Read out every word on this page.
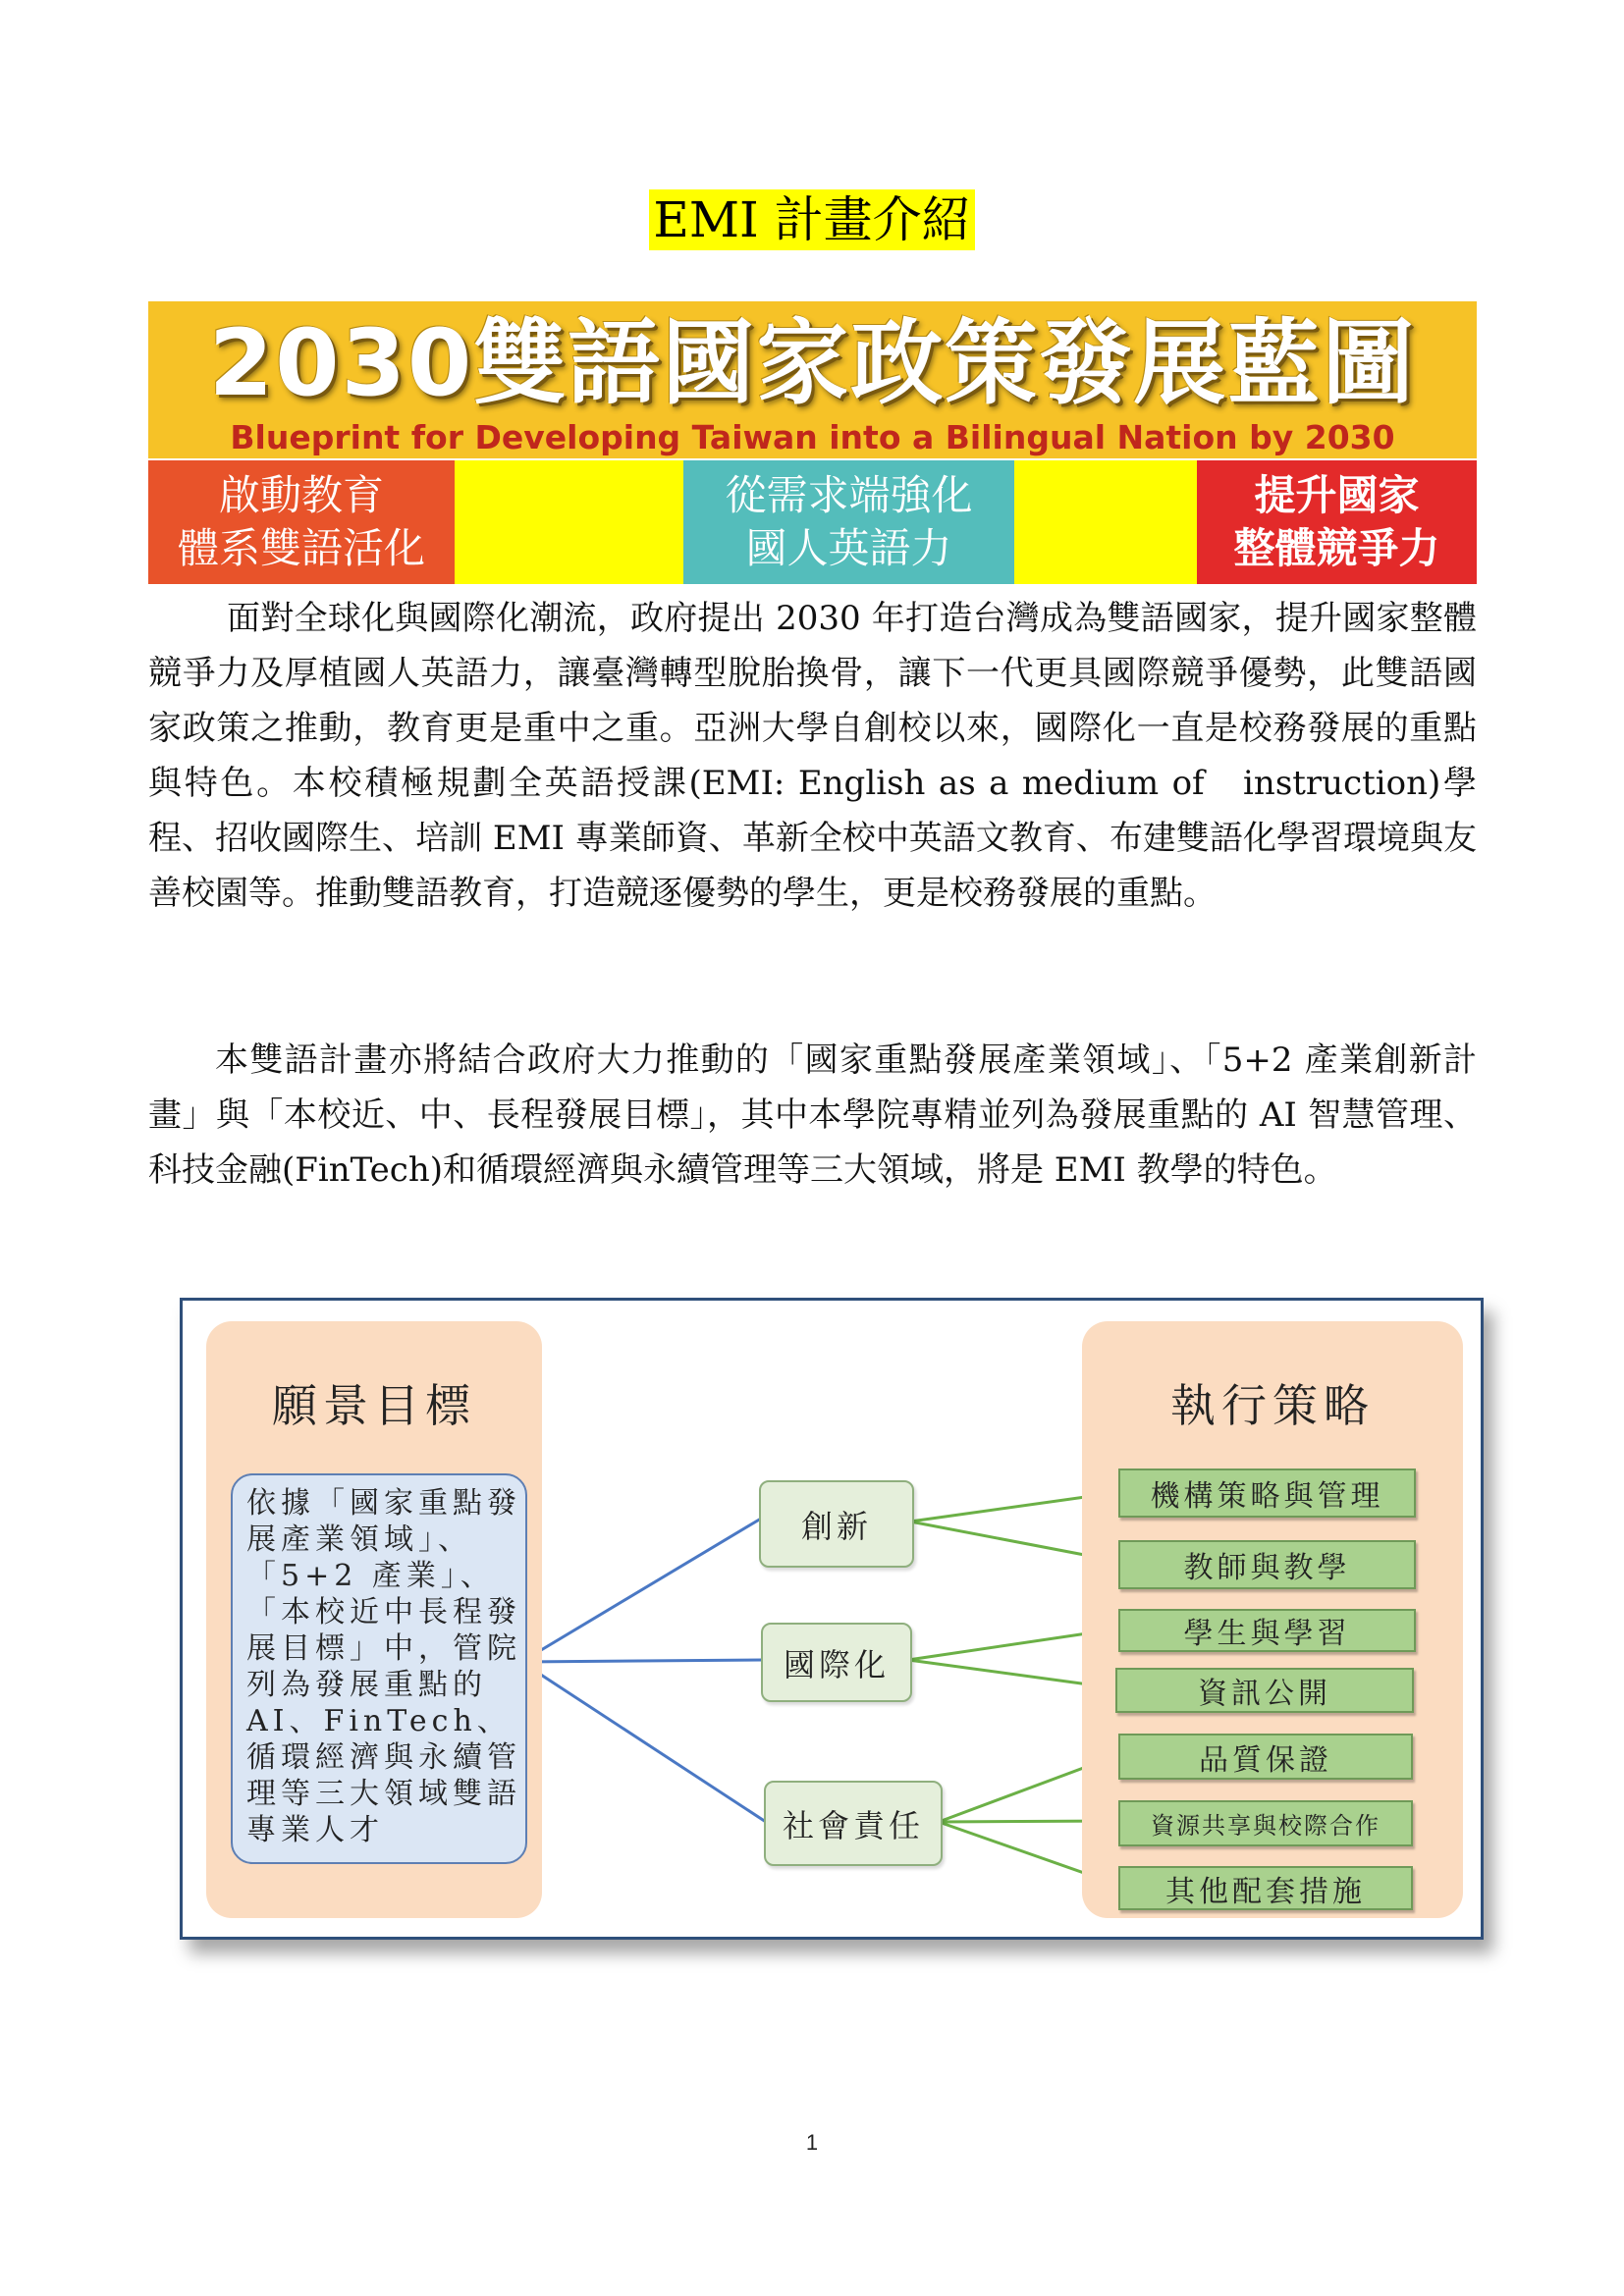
EMI 計畫介紹
2030雙語國家政策發展藍圖
Blueprint for Developing Taiwan into a Bilingual Nation by 2030
啟動教育
體系雙語活化
從需求端強化
國人英語力
提升國家
整體競爭力

面對全球化與國際化潮流，政府提出 2030 年打造台灣成為雙語國家，提升國家整體競爭力及厚植國人英語力，讓臺灣轉型脫胎換骨，讓下一代更具國際競爭優勢，此雙語國家政策之推動，教育更是重中之重。亞洲大學自創校以來，國際化一直是校務發展的重點與特色。本校積極規劃全英語授課(EMI: English as a medium of　instruction)學程、招收國際生、培訓 EMI 專業師資、革新全校中英語文教育、布建雙語化學習環境與友善校園等。推動雙語教育，打造競逐優勢的學生，更是校務發展的重點。

本雙語計畫亦將結合政府大力推動的「國家重點發展產業領域」、「5+2 產業創新計畫」與「本校近、中、長程發展目標」，其中本學院專精並列為發展重點的 AI 智慧管理、科技金融(FinTech)和循環經濟與永續管理等三大領域，將是 EMI 教學的特色。

願景目標

依據「國家重點發展產業領域」、「5+2 產業」、「本校近中長程發展目標」中，管院列為發展重點的AI、FinTech、循環經濟與永續管理等三大領域雙語專業人才

執行策略
創新
國際化
社會責任
機構策略與管理
教師與教學
學生與學習
資訊公開
品質保證
資源共享與校際合作
其他配套措施
1
